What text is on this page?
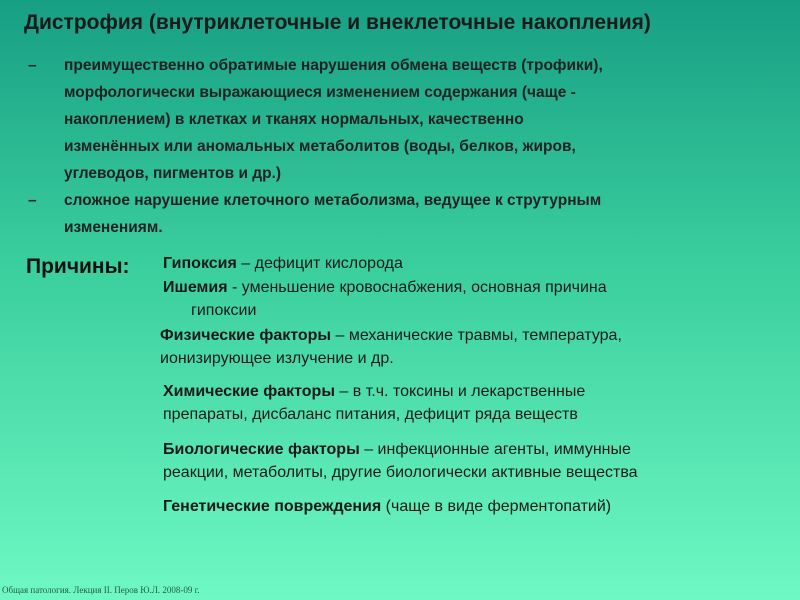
Дистрофия (внутриклеточные и внеклеточные накопления)
– преимущественно обратимые нарушения обмена веществ (трофики),
морфологически выражающиеся изменением содержания (чаще -
накоплением) в клетках и тканях нормальных, качественно
изменённых или аномальных метаболитов (воды, белков, жиров,
углеводов, пигментов и др.)
– сложное нарушение клеточного метаболизма, ведущее к струтурным
изменениям.
Причины: Гипоксия – дефицит кислорода
Ишемия - уменьшение кровоснабжения, основная причина
гипоксии
Физические факторы – механические травмы, температура,
ионизирующее излучение и др.
Химические факторы – в т.ч. токсины и лекарственные
препараты, дисбаланс питания, дефицит ряда веществ
Биологические факторы – инфекционные агенты, иммунные
реакции, метаболиты, другие биологически активные вещества
Генетические повреждения (чаще в виде ферментопатий)
Общая патология. Лекция II. Перов Ю.Л. 2008-09 г.
